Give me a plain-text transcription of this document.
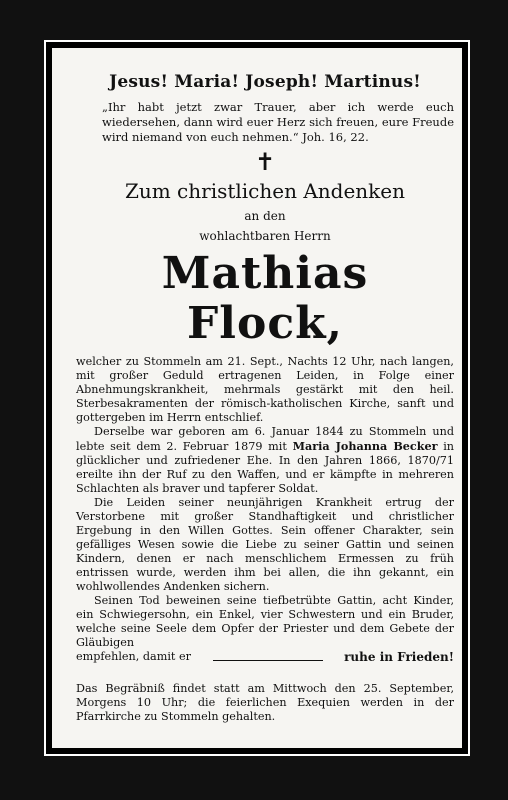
Jesus! Maria! Joseph! Martinus!
„Ihr habt jetzt zwar Trauer, aber ich werde euch wiedersehen, dann wird euer Herz sich freuen, eure Freude wird niemand von euch nehmen.“ Joh. 16, 22.
✝
Zum christlichen Andenken
an den
wohlachtbaren Herrn
Mathias Flock,

welcher zu Stommeln am 21. Sept., Nachts 12 Uhr, nach langen, mit großer Geduld ertragenen Leiden, in Folge einer Abnehmungskrankheit, mehrmals gestärkt mit den heil. Sterbesakramenten der römisch-katholischen Kirche, sanft und gottergeben im Herrn entschlief.

Derselbe war geboren am 6. Januar 1844 zu Stommeln und lebte seit dem 2. Februar 1879 mit Maria Johanna Becker in glücklicher und zufriedener Ehe. In den Jahren 1866, 1870/71 ereilte ihn der Ruf zu den Waffen, und er kämpfte in mehreren Schlachten als braver und tapferer Soldat.

Die Leiden seiner neunjährigen Krankheit ertrug der Verstorbene mit großer Standhaftigkeit und christlicher Ergebung in den Willen Gottes. Sein offener Charakter, sein gefälliges Wesen sowie die Liebe zu seiner Gattin und seinen Kindern, denen er nach menschlichem Ermessen zu früh entrissen wurde, werden ihm bei allen, die ihn gekannt, ein wohlwollendes Andenken sichern.

Seinen Tod beweinen seine tiefbetrübte Gattin, acht Kinder, ein Schwiegersohn, ein Enkel, vier Schwestern und ein Bruder, welche seine Seele dem Opfer der Priester und dem Gebete der Gläubigen

empfehlen, damit er	ruhe in Frieden!
Das Begräbniß findet statt am Mittwoch den 25. September, Morgens 10 Uhr; die feierlichen Exequien werden in der Pfarrkirche zu Stommeln gehalten.
